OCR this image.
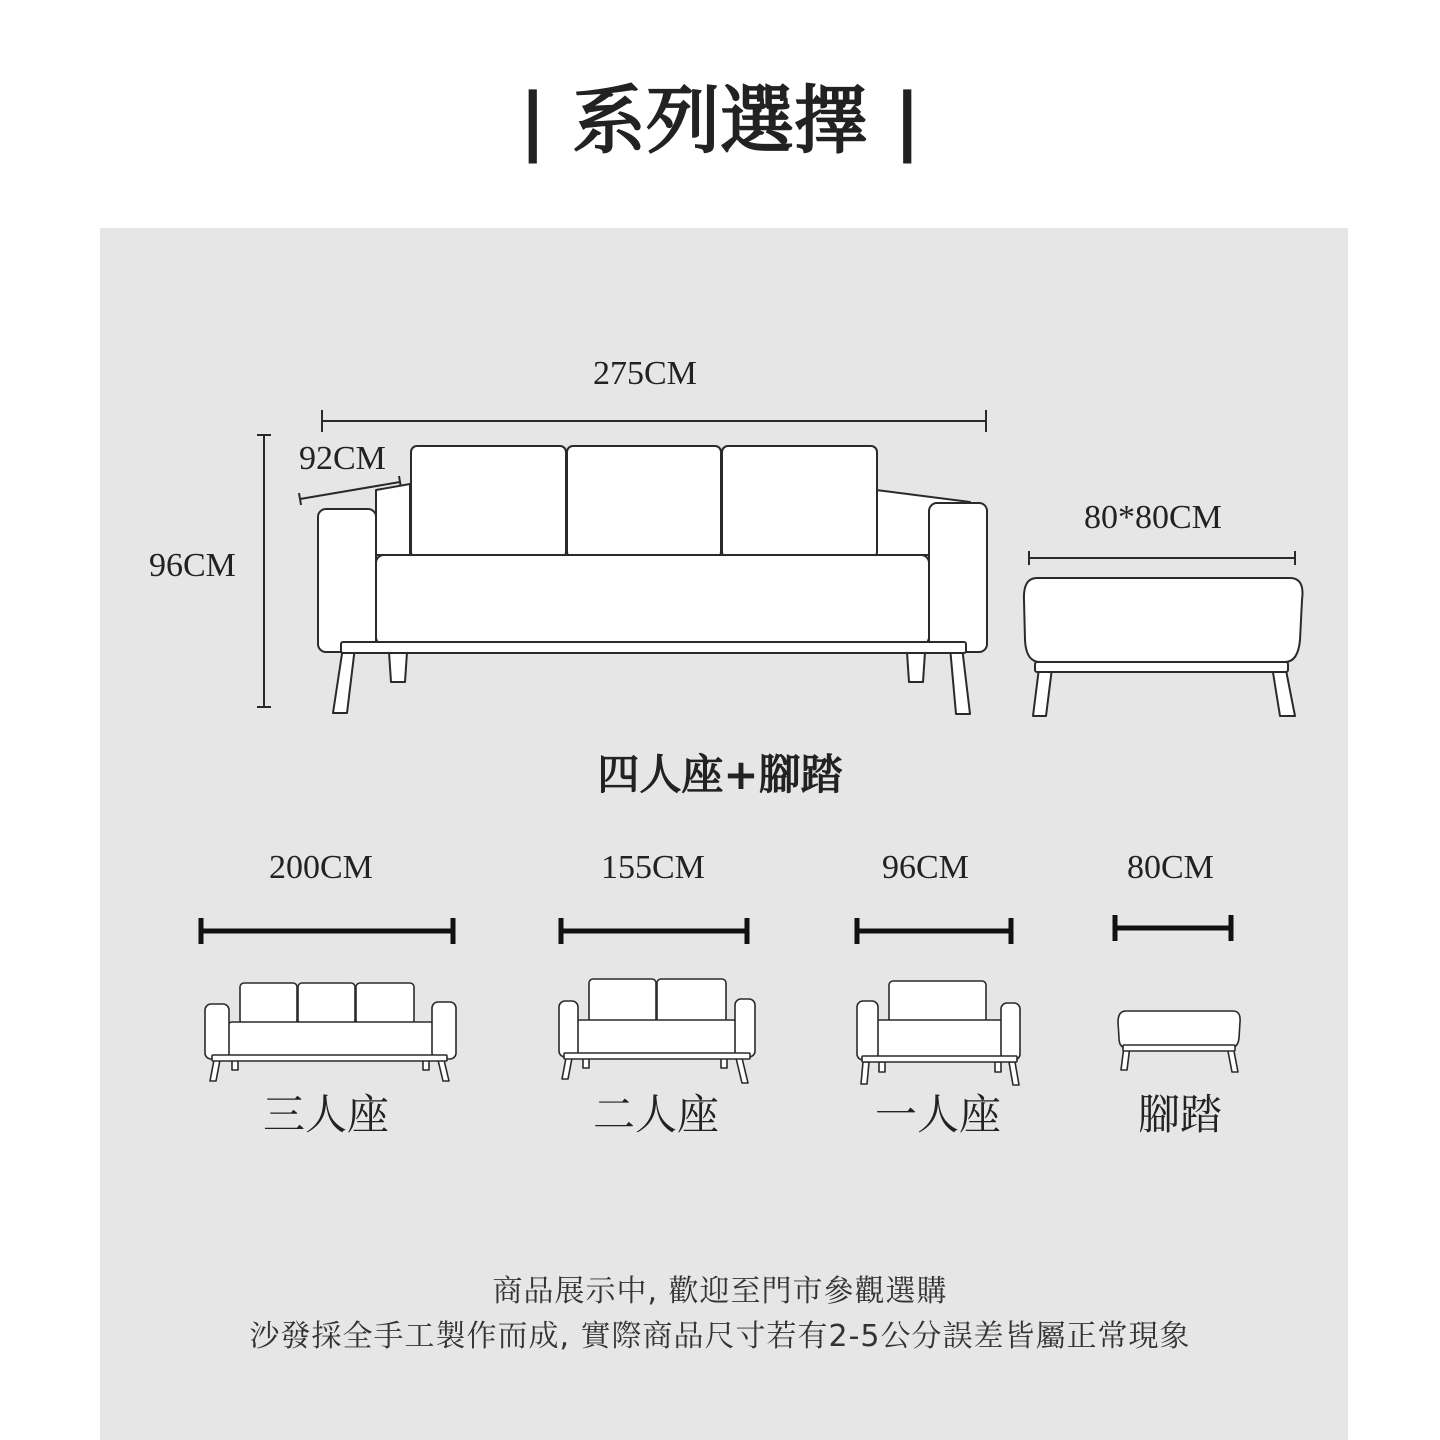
| 系列選擇 |
275CM
92CM
96CM
80*80CM
四人座+腳踏
200CM	155CM	96CM	80CM
三人座	二人座	一人座	腳踏
商品展示中, 歡迎至門市參觀選購
沙發採全手工製作而成, 實際商品尺寸若有2-5公分誤差皆屬正常現象
